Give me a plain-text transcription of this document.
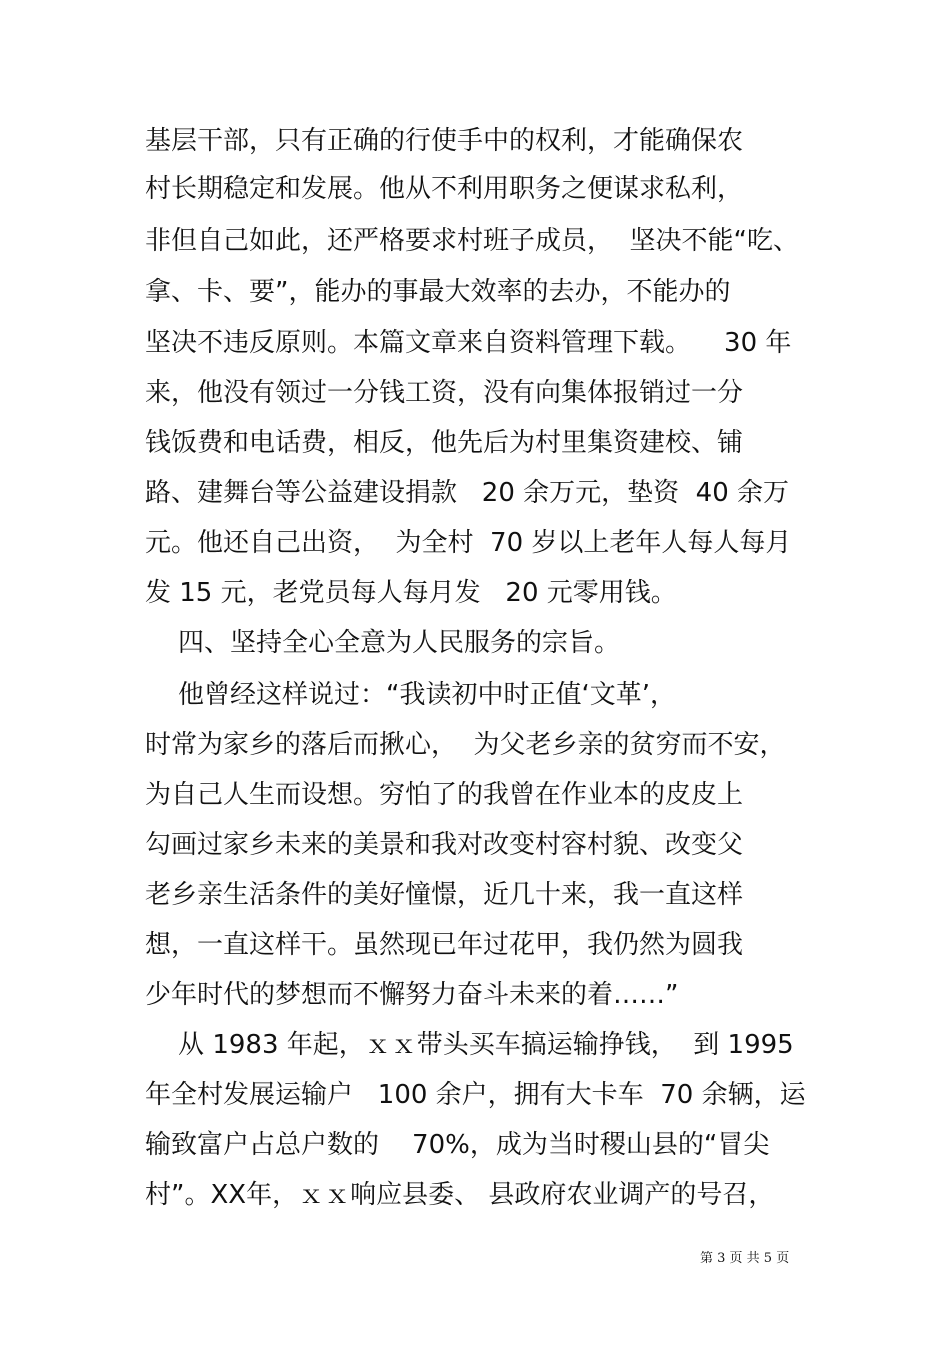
基层干部，只有正确的行使手中的权利，才能确保农
村长期稳定和发展。他从不利用职务之便谋求私利，
非但自己如此，还严格要求村班子成员，  坚决不能“吃、
拿、卡、要”，能办的事最大效率的去办，不能办的
坚决不违反原则。本篇文章来自资料管理下载。    30 年
来，他没有领过一分钱工资，没有向集体报销过一分
钱饭费和电话费，相反，他先后为村里集资建校、铺
路、建舞台等公益建设捐款   20 余万元，垫资  40 余万
元。他还自己出资，  为全村  70 岁以上老年人每人每月
发 15 元，老党员每人每月发   20 元零用钱。
四、坚持全心全意为人民服务的宗旨。
他曾经这样说过：“我读初中时正值‘文革’，
时常为家乡的落后而揪心，  为父老乡亲的贫穷而不安，
为自己人生而设想。穷怕了的我曾在作业本的皮皮上
勾画过家乡未来的美景和我对改变村容村貌、改变父
老乡亲生活条件的美好憧憬，近几十来，我一直这样
想，一直这样干。虽然现已年过花甲，我仍然为圆我
少年时代的梦想而不懈努力奋斗未来的着……”
从 1983 年起，ｘｘ带头买车搞运输挣钱，  到 1995
年全村发展运输户   100 余户，拥有大卡车  70 余辆，运
输致富户占总户数的    70%，成为当时稷山县的“冒尖
村”。XX年，ｘｘ响应县委、 县政府农业调产的号召，
第 3 页 共 5 页
